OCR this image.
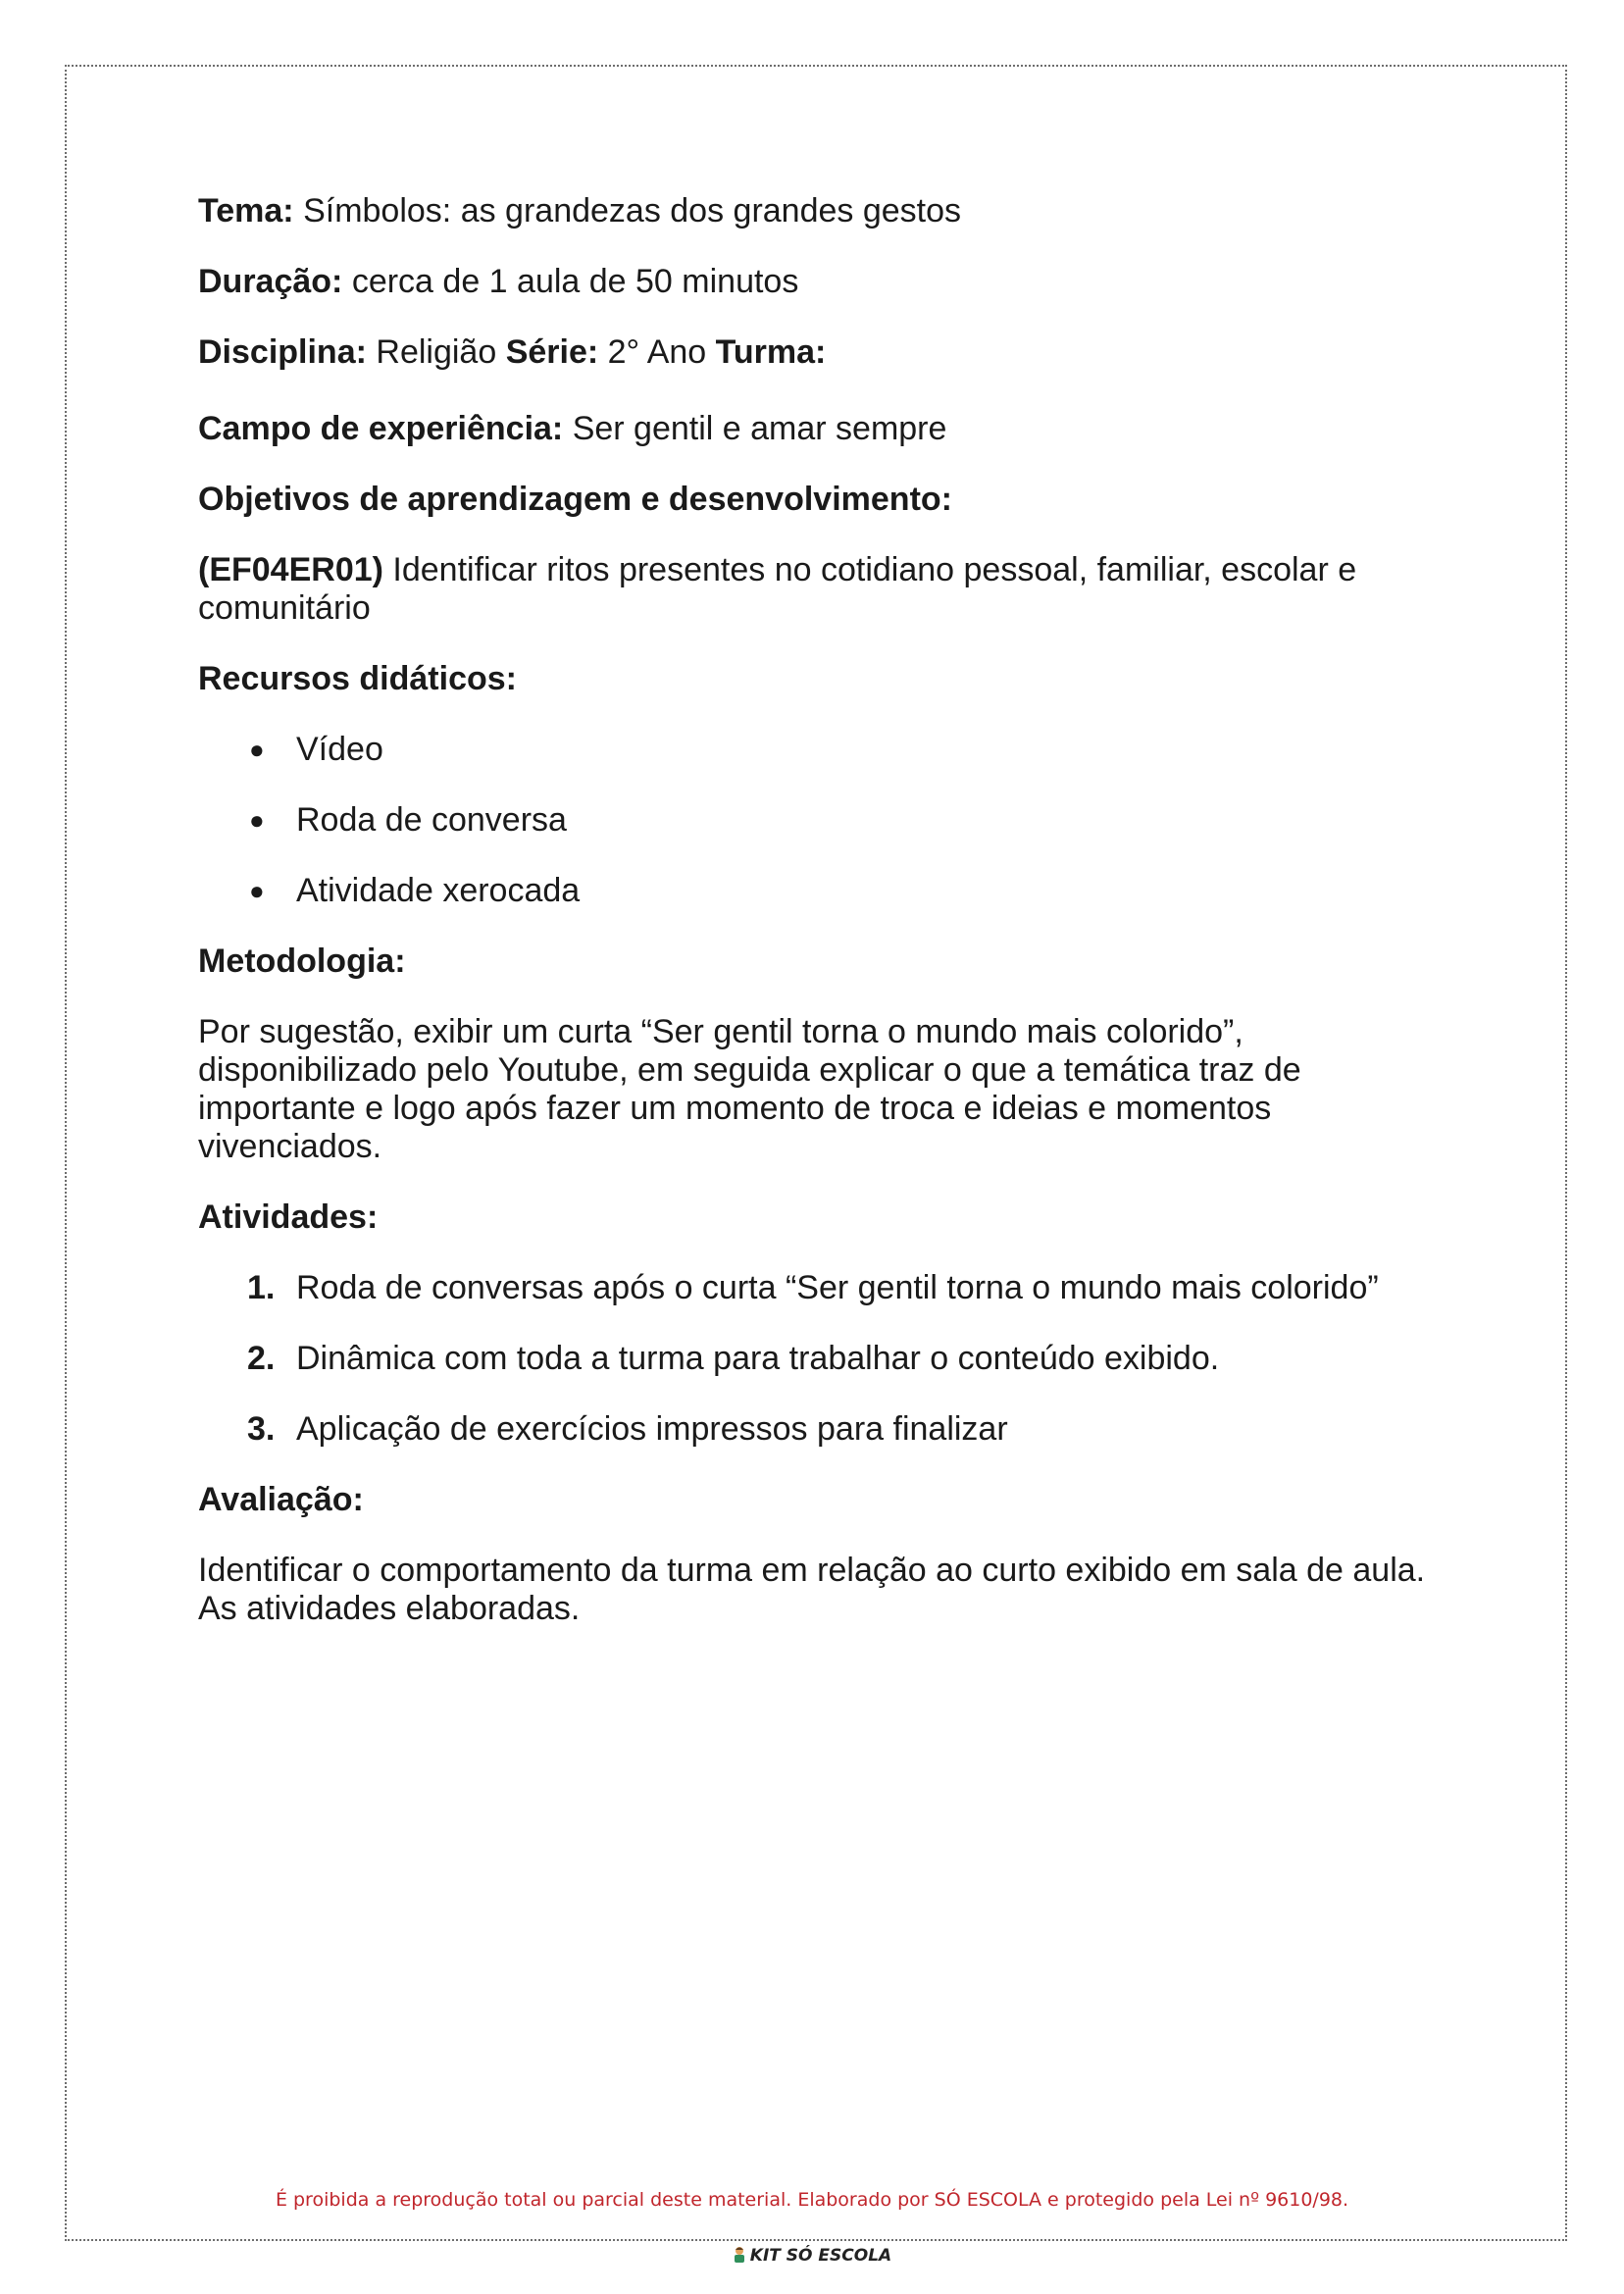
Tema: Símbolos: as grandezas dos grandes gestos

Duração: cerca de 1 aula de 50 minutos

Disciplina: Religião Série: 2° Ano Turma:

Campo de experiência: Ser gentil e amar sempre

Objetivos de aprendizagem e desenvolvimento:

(EF04ER01) Identificar ritos presentes no cotidiano pessoal, familiar, escolar e

comunitário

Recursos didáticos:

● Vídeo
● Roda de conversa
● Atividade xerocada

Metodologia:

Por sugestão, exibir um curta “Ser gentil torna o mundo mais colorido”,

disponibilizado pelo Youtube, em seguida explicar o que a temática traz de

importante e logo após fazer um momento de troca e ideias e momentos

vivenciados.

Atividades:

1. Roda de conversas após o curta “Ser gentil torna o mundo mais colorido”
2. Dinâmica com toda a turma para trabalhar o conteúdo exibido.
3. Aplicação de exercícios impressos para finalizar

Avaliação:

Identificar o comportamento da turma em relação ao curto exibido em sala de aula.

As atividades elaboradas.

É proibida a reprodução total ou parcial deste material. Elaborado por SÓ ESCOLA e protegido pela Lei nº 9610/98.
KIT SÓ ESCOLA
